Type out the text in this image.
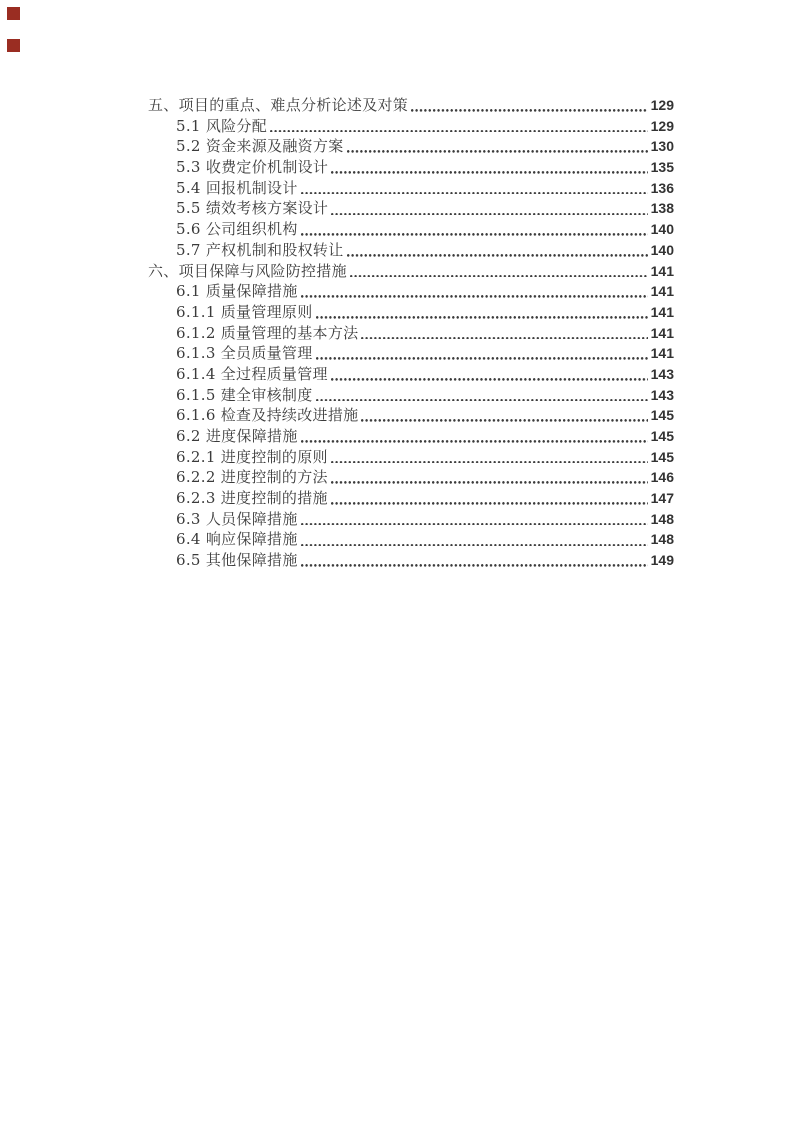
五、项目的重点、难点分析论述及对策	129
5.1 风险分配	129
5.2 资金来源及融资方案	130
5.3 收费定价机制设计	135
5.4 回报机制设计	136
5.5 绩效考核方案设计	138
5.6 公司组织机构	140
5.7 产权机制和股权转让	140
六、项目保障与风险防控措施	141
6.1 质量保障措施	141
6.1.1 质量管理原则	141
6.1.2 质量管理的基本方法	141
6.1.3 全员质量管理	141
6.1.4 全过程质量管理	143
6.1.5 建全审核制度	143
6.1.6 检查及持续改进措施	145
6.2 进度保障措施	145
6.2.1 进度控制的原则	145
6.2.2 进度控制的方法	146
6.2.3 进度控制的措施	147
6.3 人员保障措施	148
6.4 响应保障措施	148
6.5 其他保障措施	149
